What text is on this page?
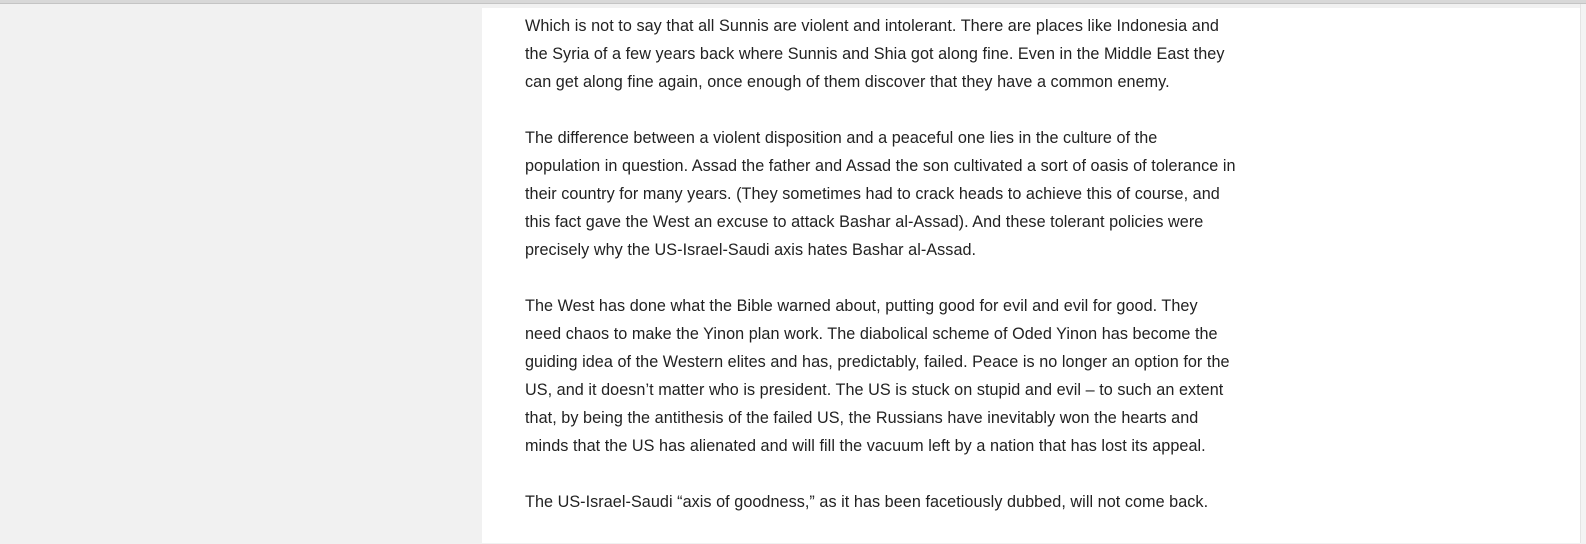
Which is not to say that all Sunnis are violent and intolerant. There are places like Indonesia and the Syria of a few years back where Sunnis and Shia got along fine. Even in the Middle East they can get along fine again, once enough of them discover that they have a common enemy.

The difference between a violent disposition and a peaceful one lies in the culture of the population in question. Assad the father and Assad the son cultivated a sort of oasis of tolerance in their country for many years. (They sometimes had to crack heads to achieve this of course, and this fact gave the West an excuse to attack Bashar al-Assad). And these tolerant policies were precisely why the US-Israel-Saudi axis hates Bashar al-Assad.

The West has done what the Bible warned about, putting good for evil and evil for good. They need chaos to make the Yinon plan work. The diabolical scheme of Oded Yinon has become the guiding idea of the Western elites and has, predictably, failed. Peace is no longer an option for the US, and it doesn’t matter who is president. The US is stuck on stupid and evil – to such an extent that, by being the antithesis of the failed US, the Russians have inevitably won the hearts and minds that the US has alienated and will fill the vacuum left by a nation that has lost its appeal.

The US-Israel-Saudi “axis of goodness,” as it has been facetiously dubbed, will not come back.
